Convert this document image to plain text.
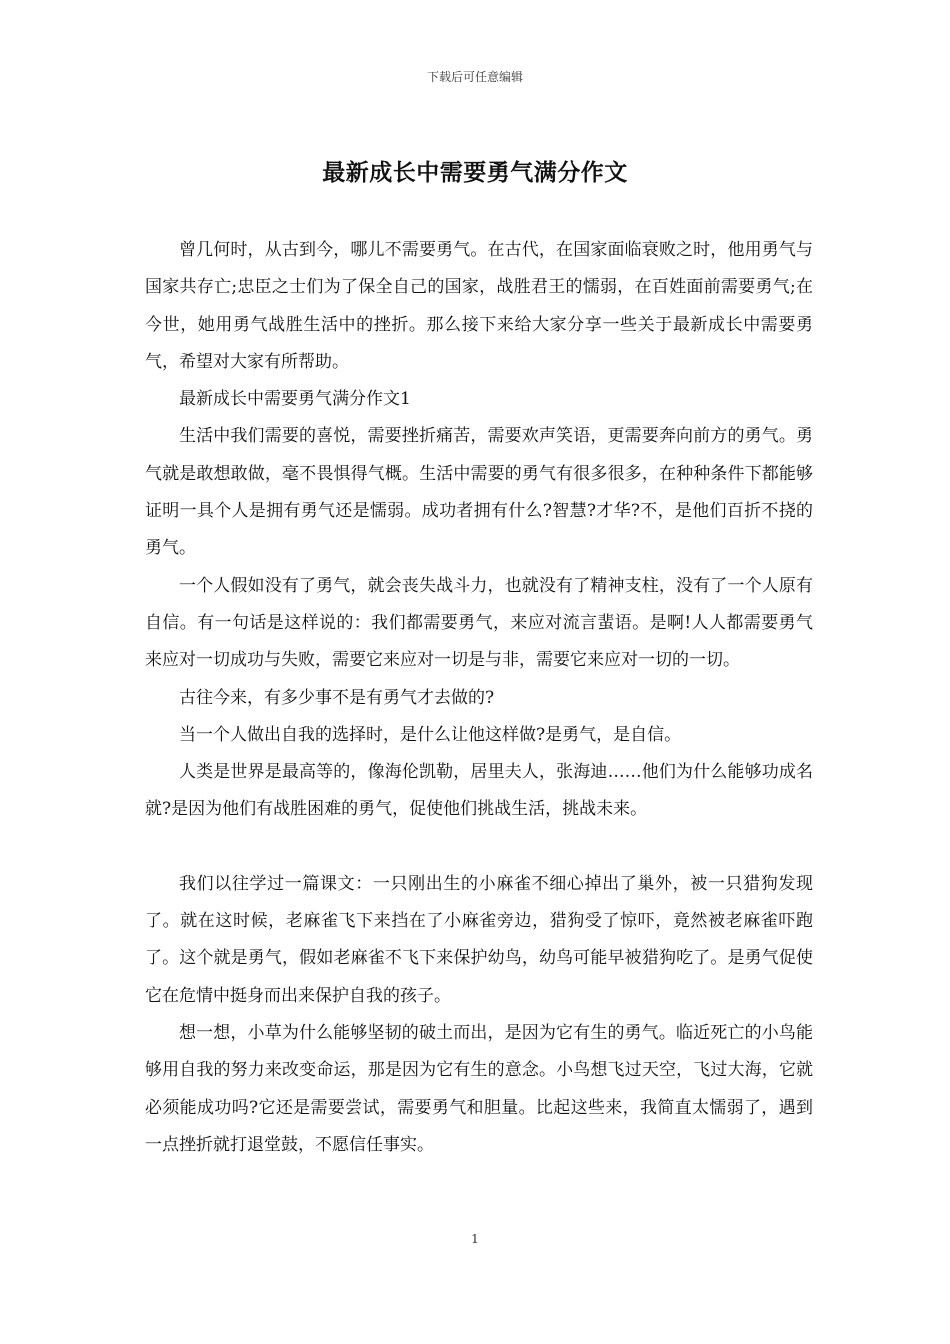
下载后可任意编辑
最新成长中需要勇气满分作文

曾几何时，从古到今，哪儿不需要勇气。在古代，在国家面临衰败之时，他用勇气与国家共存亡;忠臣之士们为了保全自己的国家，战胜君王的懦弱，在百姓面前需要勇气;在今世，她用勇气战胜生活中的挫折。那么接下来给大家分享一些关于最新成长中需要勇气，希望对大家有所帮助。

最新成长中需要勇气满分作文1

生活中我们需要的喜悦，需要挫折痛苦，需要欢声笑语，更需要奔向前方的勇气。勇气就是敢想敢做，毫不畏惧得气概。生活中需要的勇气有很多很多，在种种条件下都能够证明一具个人是拥有勇气还是懦弱。成功者拥有什么?智慧?才华?不，是他们百折不挠的勇气。

一个人假如没有了勇气，就会丧失战斗力，也就没有了精神支柱，没有了一个人原有自信。有一句话是这样说的：我们都需要勇气，来应对流言蜚语。是啊!人人都需要勇气来应对一切成功与失败，需要它来应对一切是与非，需要它来应对一切的一切。

古往今来，有多少事不是有勇气才去做的?

当一个人做出自我的选择时，是什么让他这样做?是勇气，是自信。

人类是世界是最高等的，像海伦凯勒，居里夫人，张海迪……他们为什么能够功成名就?是因为他们有战胜困难的勇气，促使他们挑战生活，挑战未来。

我们以往学过一篇课文：一只刚出生的小麻雀不细心掉出了巢外，被一只猎狗发现了。就在这时候，老麻雀飞下来挡在了小麻雀旁边，猎狗受了惊吓，竟然被老麻雀吓跑了。这个就是勇气，假如老麻雀不飞下来保护幼鸟，幼鸟可能早被猎狗吃了。是勇气促使它在危情中挺身而出来保护自我的孩子。

想一想，小草为什么能够坚韧的破土而出，是因为它有生的勇气。临近死亡的小鸟能够用自我的努力来改变命运，那是因为它有生的意念。小鸟想飞过天空，飞过大海，它就必须能成功吗?它还是需要尝试，需要勇气和胆量。比起这些来，我简直太懦弱了，遇到一点挫折就打退堂鼓，不愿信任事实。

1
